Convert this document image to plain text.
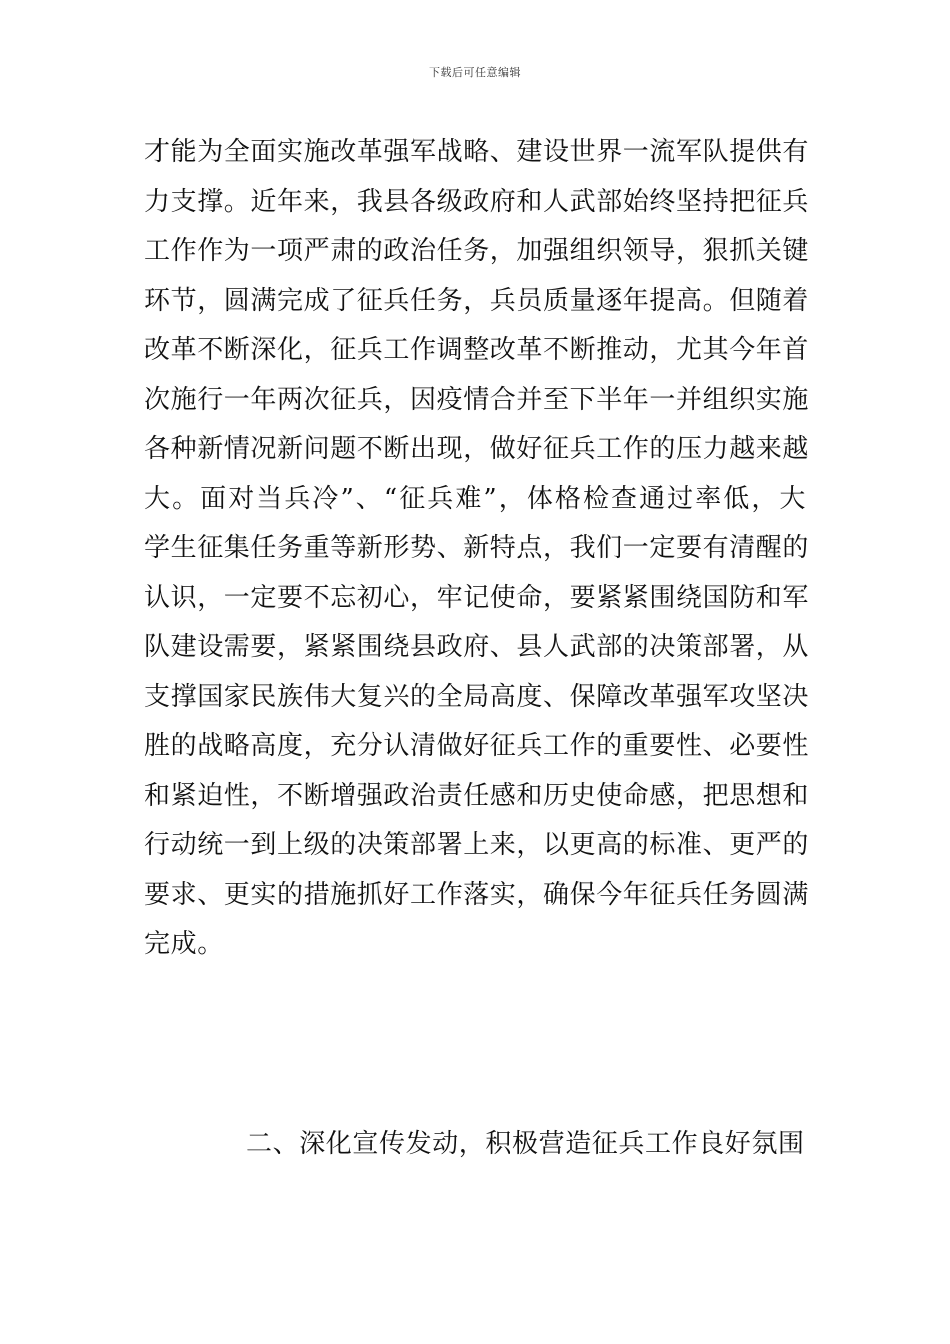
下载后可任意编辑
才能为全面实施改革强军战略、建设世界一流军队提供有
力支撑。近年来，我县各级政府和人武部始终坚持把征兵
工作作为一项严肃的政治任务，加强组织领导，狠抓关键
环节，圆满完成了征兵任务，兵员质量逐年提高。但随着
改革不断深化，征兵工作调整改革不断推动，尤其今年首
次施行一年两次征兵，因疫情合并至下半年一并组织实施
各种新情况新问题不断出现，做好征兵工作的压力越来越
大。面对当兵冷”、“征兵难”，体格检查通过率低，大
学生征集任务重等新形势、新特点，我们一定要有清醒的
认识，一定要不忘初心，牢记使命，要紧紧围绕国防和军
队建设需要，紧紧围绕县政府、县人武部的决策部署，从
支撑国家民族伟大复兴的全局高度、保障改革强军攻坚决
胜的战略高度，充分认清做好征兵工作的重要性、必要性
和紧迫性，不断增强政治责任感和历史使命感，把思想和
行动统一到上级的决策部署上来，以更高的标准、更严的
要求、更实的措施抓好工作落实，确保今年征兵任务圆满
完成。
二、深化宣传发动，积极营造征兵工作良好氛围
